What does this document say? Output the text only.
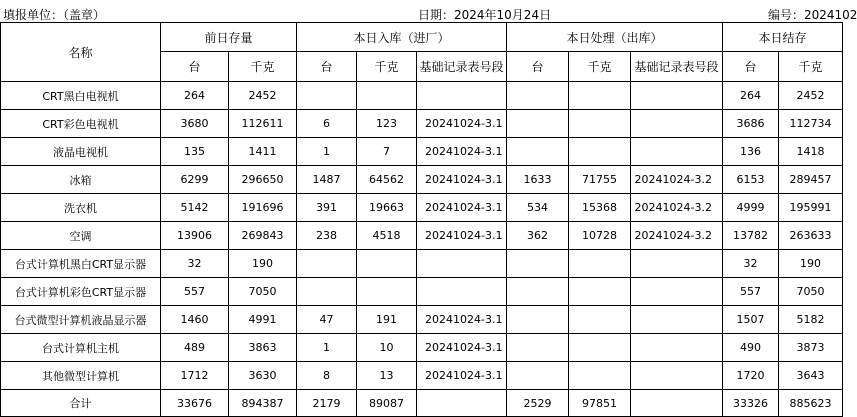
填报单位：（盖章）	日期：2024年10月24日	编号：2024102
名称	前日存量		本日入库（进厂）			本日处理（出库）			本日结存	
	台	千克	台	千克	基础记录表号段	台	千克	基础记录表号段	台	千克
CRT黑白电视机	264	2452							264	2452
CRT彩色电视机	3680	112611	6	123	20241024-3.1				3686	112734
液晶电视机	135	1411	1	7	20241024-3.1				136	1418
冰箱	6299	296650	1487	64562	20241024-3.1	1633	71755	20241024-3.2	6153	289457
洗衣机	5142	191696	391	19663	20241024-3.1	534	15368	20241024-3.2	4999	195991
空调	13906	269843	238	4518	20241024-3.1	362	10728	20241024-3.2	13782	263633
台式计算机黑白CRT显示器	32	190							32	190
台式计算机彩色CRT显示器	557	7050							557	7050
台式微型计算机液晶显示器	1460	4991	47	191	20241024-3.1				1507	5182
台式计算机主机	489	3863	1	10	20241024-3.1				490	3873
其他微型计算机	1712	3630	8	13	20241024-3.1				1720	3643
合计	33676	894387	2179	89087		2529	97851		33326	885623
